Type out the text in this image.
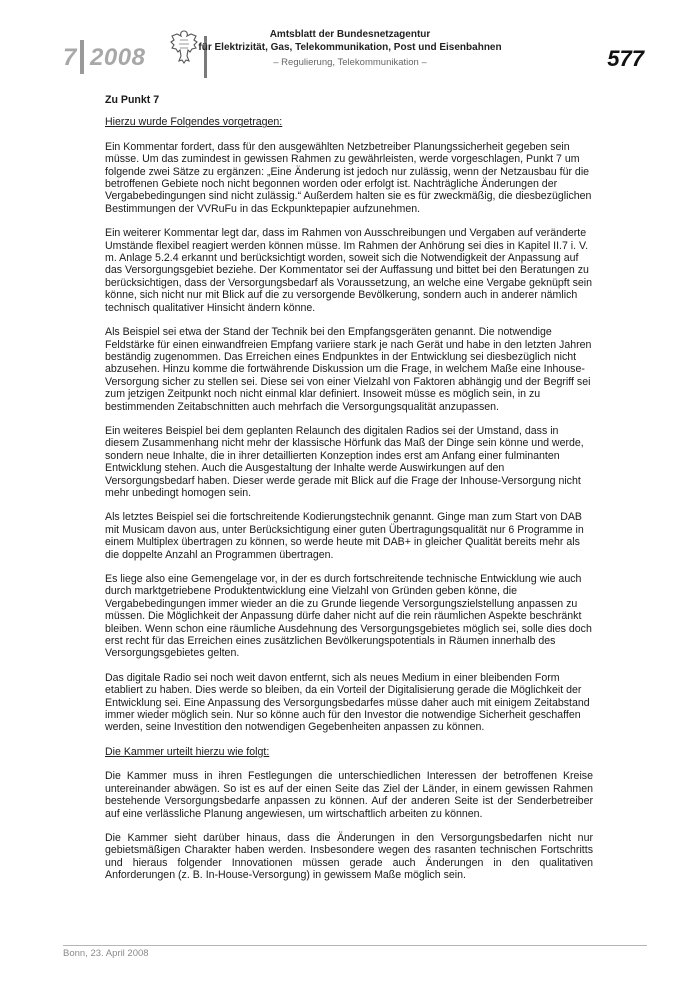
7 2008
Amtsblatt der Bundesnetzagentur
für Elektrizität, Gas, Telekommunikation, Post und Eisenbahnen
– Regulierung, Telekommunikation –	577
Zu Punkt 7
Hierzu wurde Folgendes vorgetragen:

Ein Kommentar fordert, dass für den ausgewählten Netzbetreiber Planungssicherheit gegeben sein müsse. Um das zumindest in gewissen Rahmen zu gewährleisten, werde vorgeschlagen, Punkt 7 um folgende zwei Sätze zu ergänzen: „Eine Änderung ist jedoch nur zulässig, wenn der Netzausbau für die betroffenen Gebiete noch nicht begonnen worden oder erfolgt ist. Nachträgliche Änderungen der Vergabebedingungen sind nicht zulässig.“ Außerdem halten sie es für zweckmäßig, die diesbezüglichen Bestimmungen der VVRuFu in das Eckpunktepapier aufzunehmen.

Ein weiterer Kommentar legt dar, dass im Rahmen von Ausschreibungen und Vergaben auf veränderte Umstände flexibel reagiert werden können müsse. Im Rahmen der Anhörung sei dies in Kapitel II.7 i. V. m. Anlage 5.2.4 erkannt und berücksichtigt worden, soweit sich die Notwendigkeit der Anpassung auf das Versorgungsgebiet beziehe. Der Kommentator sei der Auffassung und bittet bei den Beratungen zu berücksichtigen, dass der Versorgungsbedarf als Voraussetzung, an welche eine Vergabe geknüpft sein könne, sich nicht nur mit Blick auf die zu versorgende Bevölkerung, sondern auch in anderer nämlich technisch qualitativer Hinsicht ändern könne.

Als Beispiel sei etwa der Stand der Technik bei den Empfangsgeräten genannt. Die notwendige Feldstärke für einen einwandfreien Empfang variiere stark je nach Gerät und habe in den letzten Jahren beständig zugenommen. Das Erreichen eines Endpunktes in der Entwicklung sei diesbezüglich nicht abzusehen. Hinzu komme die fortwährende Diskussion um die Frage, in welchem Maße eine Inhouse-Versorgung sicher zu stellen sei. Diese sei von einer Vielzahl von Faktoren abhängig und der Begriff sei zum jetzigen Zeitpunkt noch nicht einmal klar definiert. Insoweit müsse es möglich sein, in zu bestimmenden Zeitabschnitten auch mehrfach die Versorgungsqualität anzupassen.

Ein weiteres Beispiel bei dem geplanten Relaunch des digitalen Radios sei der Umstand, dass in diesem Zusammenhang nicht mehr der klassische Hörfunk das Maß der Dinge sein könne und werde, sondern neue Inhalte, die in ihrer detaillierten Konzeption indes erst am Anfang einer fulminanten Entwicklung stehen. Auch die Ausgestaltung der Inhalte werde Auswirkungen auf den Versorgungsbedarf haben. Dieser werde gerade mit Blick auf die Frage der Inhouse-Versorgung nicht mehr unbedingt homogen sein.

Als letztes Beispiel sei die fortschreitende Kodierungstechnik genannt. Ginge man zum Start von DAB mit Musicam davon aus, unter Berücksichtigung einer guten Übertragungsqualität nur 6 Programme in einem Multiplex übertragen zu können, so werde heute mit DAB+ in gleicher Qualität bereits mehr als die doppelte Anzahl an Programmen übertragen.

Es liege also eine Gemengelage vor, in der es durch fortschreitende technische Entwicklung wie auch durch marktgetriebene Produktentwicklung eine Vielzahl von Gründen geben könne, die Vergabebedingungen immer wieder an die zu Grunde liegende Versorgungszielstellung anpassen zu müssen. Die Möglichkeit der Anpassung dürfe daher nicht auf die rein räumlichen Aspekte beschränkt bleiben. Wenn schon eine räumliche Ausdehnung des Versorgungsgebietes möglich sei, solle dies doch erst recht für das Erreichen eines zusätzlichen Bevölkerungspotentials in Räumen innerhalb des Versorgungsgebietes gelten.

Das digitale Radio sei noch weit davon entfernt, sich als neues Medium in einer bleibenden Form etabliert zu haben. Dies werde so bleiben, da ein Vorteil der Digitalisierung gerade die Möglichkeit der Entwicklung sei. Eine Anpassung des Versorgungsbedarfes müsse daher auch mit einigem Zeitabstand immer wieder möglich sein. Nur so könne auch für den Investor die notwendige Sicherheit geschaffen werden, seine Investition den notwendigen Gegebenheiten anpassen zu können.

Die Kammer urteilt hierzu wie folgt:

Die Kammer muss in ihren Festlegungen die unterschiedlichen Interessen der betroffenen Kreise untereinander abwägen. So ist es auf der einen Seite das Ziel der Länder, in einem gewissen Rahmen bestehende Versorgungsbedarfe anpassen zu können. Auf der anderen Seite ist der Senderbetreiber auf eine verlässliche Planung angewiesen, um wirtschaftlich arbeiten zu können.

Die Kammer sieht darüber hinaus, dass die Änderungen in den Versorgungsbedarfen nicht nur gebietsmäßigen Charakter haben werden. Insbesondere wegen des rasanten technischen Fortschritts und hieraus folgender Innovationen müssen gerade auch Änderungen in den qualitativen Anforderungen (z. B. In-House-Versorgung) in gewissem Maße möglich sein.

Bonn, 23. April 2008
